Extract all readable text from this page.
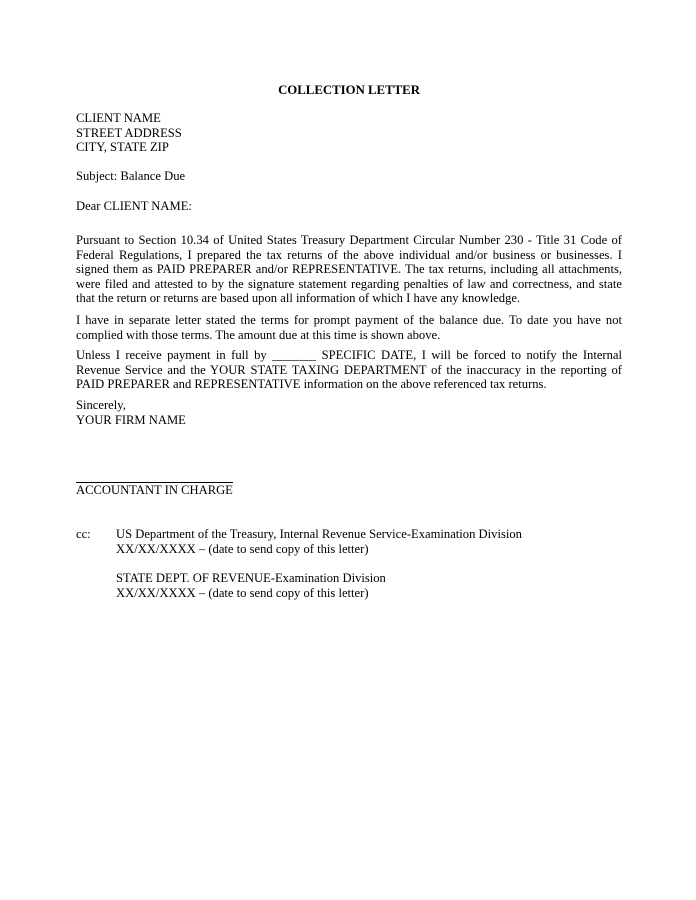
COLLECTION LETTER
CLIENT NAME
STREET ADDRESS
CITY, STATE ZIP
Subject: Balance Due
Dear CLIENT NAME:
Pursuant to Section 10.34 of United States Treasury Department Circular Number 230 - Title 31 Code of Federal Regulations, I prepared the tax returns of the above individual and/or business or businesses. I signed them as PAID PREPARER and/or REPRESENTATIVE. The tax returns, including all attachments, were filed and attested to by the signature statement regarding penalties of law and correctness, and state that the return or returns are based upon all information of which I have any knowledge.
I have in separate letter stated the terms for prompt payment of the balance due. To date you have not complied with those terms. The amount due at this time is shown above.
Unless I receive payment in full by _______ SPECIFIC DATE, I will be forced to notify the Internal Revenue Service and the YOUR STATE TAXING DEPARTMENT of the inaccuracy in the reporting of PAID PREPARER and REPRESENTATIVE information on the above referenced tax returns.
Sincerely,
YOUR FIRM NAME
ACCOUNTANT IN CHARGE
cc: US Department of the Treasury, Internal Revenue Service-Examination Division
XX/XX/XXXX – (date to send copy of this letter)
STATE DEPT. OF REVENUE-Examination Division
XX/XX/XXXX – (date to send copy of this letter)
